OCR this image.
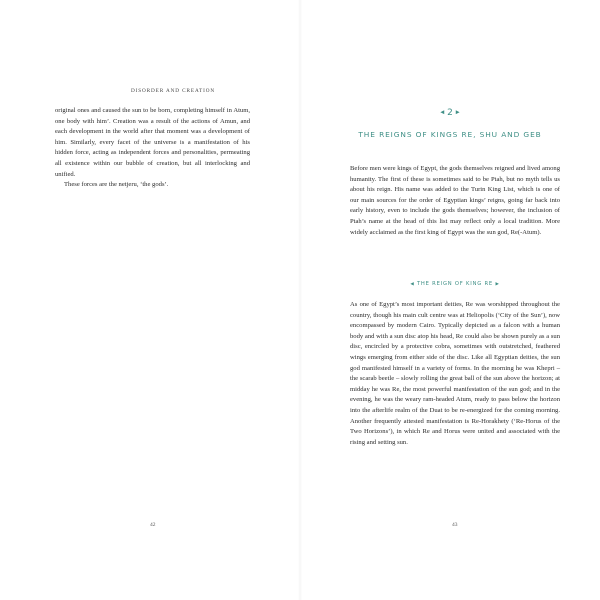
DISORDER AND CREATION

original ones and caused the sun to be born, completing himself in Atum, one body with him’. Creation was a result of the actions of Amun, and each development in the world after that moment was a development of him. Similarly, every facet of the universe is a manifestation of his hidden force, acting as independent forces and personalities, permeating all existence within our bubble of creation, but all interlocking and unified.

These forces are the netjeru, ‘the gods’.

42
◀ 2 ▶
THE REIGNS OF KINGS RE, SHU AND GEB

Before men were kings of Egypt, the gods themselves reigned and lived among humanity. The first of these is sometimes said to be Ptah, but no myth tells us about his reign. His name was added to the Turin King List, which is one of our main sources for the order of Egyptian kings’ reigns, going far back into early history, even to include the gods themselves; however, the inclusion of Ptah’s name at the head of this list may reflect only a local tradition. More widely acclaimed as the first king of Egypt was the sun god, Re(-Atum).

◀ THE REIGN OF KING RE ▶

As one of Egypt’s most important deities, Re was worshipped throughout the country, though his main cult centre was at Heliopolis (‘City of the Sun’), now encompassed by modern Cairo. Typically depicted as a falcon with a human body and with a sun disc atop his head, Re could also be shown purely as a sun disc, encircled by a protective cobra, sometimes with outstretched, feathered wings emerging from either side of the disc. Like all Egyptian deities, the sun god manifested himself in a variety of forms. In the morning he was Khepri – the scarab beetle – slowly rolling the great ball of the sun above the horizon; at midday he was Re, the most powerful manifestation of the sun god; and in the evening, he was the weary ram-headed Atum, ready to pass below the horizon into the afterlife realm of the Duat to be re-energized for the coming morning. Another frequently attested manifestation is Re-Horakhety (‘Re-Horus of the Two Horizons’), in which Re and Horus were united and associated with the rising and setting sun.

43
